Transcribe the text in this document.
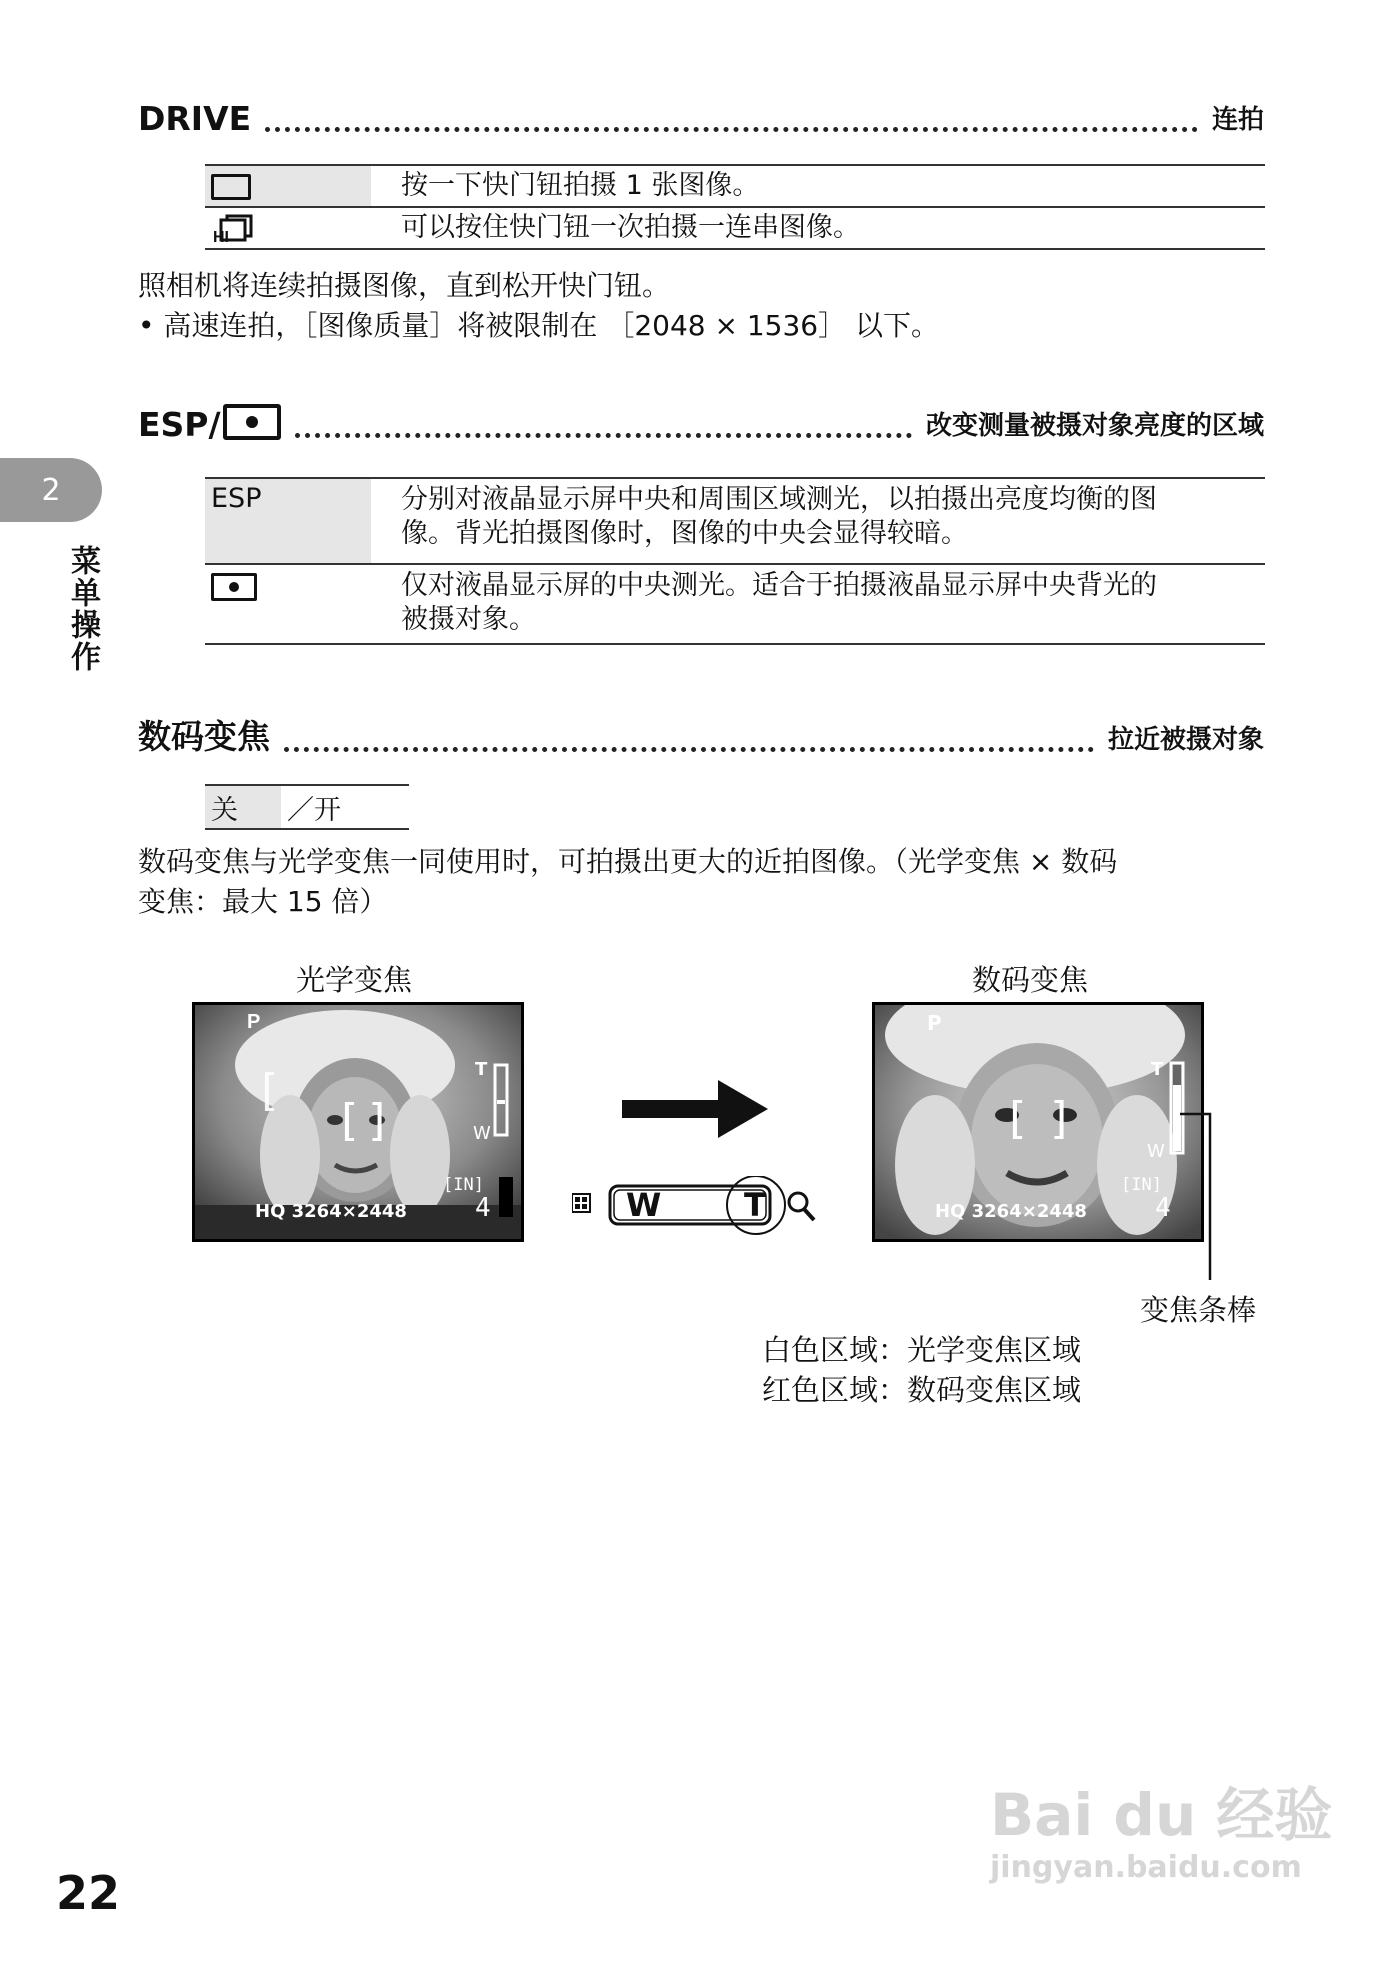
2
菜单操作
DRIVE	连拍
	按一下快门钮拍摄 1 张图像。

HI	可以按住快门钮一次拍摄一连串图像。
照相机将连续拍摄图像，直到松开快门钮。
• 高速连拍，［图像质量］将被限制在 ［2048 × 1536］ 以下。
ESP/	改变测量被摄对象亮度的区域
ESP	分别对液晶显示屏中央和周围区域测光，以拍摄出亮度均衡的图
像。背光拍摄图像时，图像的中央会显得较暗。

	仅对液晶显示屏的中央测光。适合于拍摄液晶显示屏中央背光的
被摄对象。
数码变焦	拉近被摄对象
关	／开
数码变焦与光学变焦一同使用时，可拍摄出更大的近拍图像。（光学变焦 × 数码
变焦：最大 15 倍）
光学变焦	数码变焦
[
[ ]
P
T
W
[IN]
HQ 3264×2448	4	W	T
[ ]
P
T
W
[IN]
HQ 3264×2448	4
变焦条棒
白色区域：光学变焦区域
红色区域：数码变焦区域
22
Bai du 经验
jingyan.baidu.com
